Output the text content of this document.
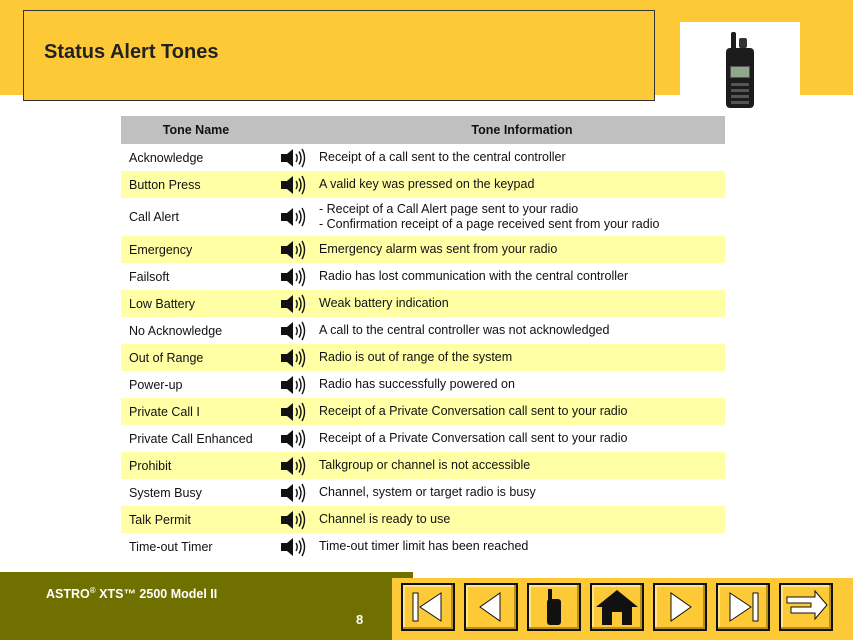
Status Alert Tones
Tone Name		Tone Information
Acknowledge		Receipt of a call sent to the central controller

Button Press		A valid key was pressed on the keypad

Call Alert		- Receipt of a Call Alert page sent to your radio
- Confirmation receipt of a page received sent from your radio

Emergency		Emergency alarm was sent from your radio

Failsoft		Radio has lost communication with the central controller

Low Battery		Weak battery indication

No Acknowledge		A call to the central controller was not acknowledged

Out of Range		Radio is out of range of the system

Power-up		Radio has successfully powered on

Private Call I		Receipt of a Private Conversation call sent to your radio

Private Call Enhanced		Receipt of a Private Conversation call sent to your radio

Prohibit		Talkgroup or channel is not accessible

System Busy		Channel, system or target radio is busy

Talk Permit		Channel is ready to use

Time-out Timer		Time-out timer limit has been reached
ASTRO® XTS™ 2500 Model II
8
